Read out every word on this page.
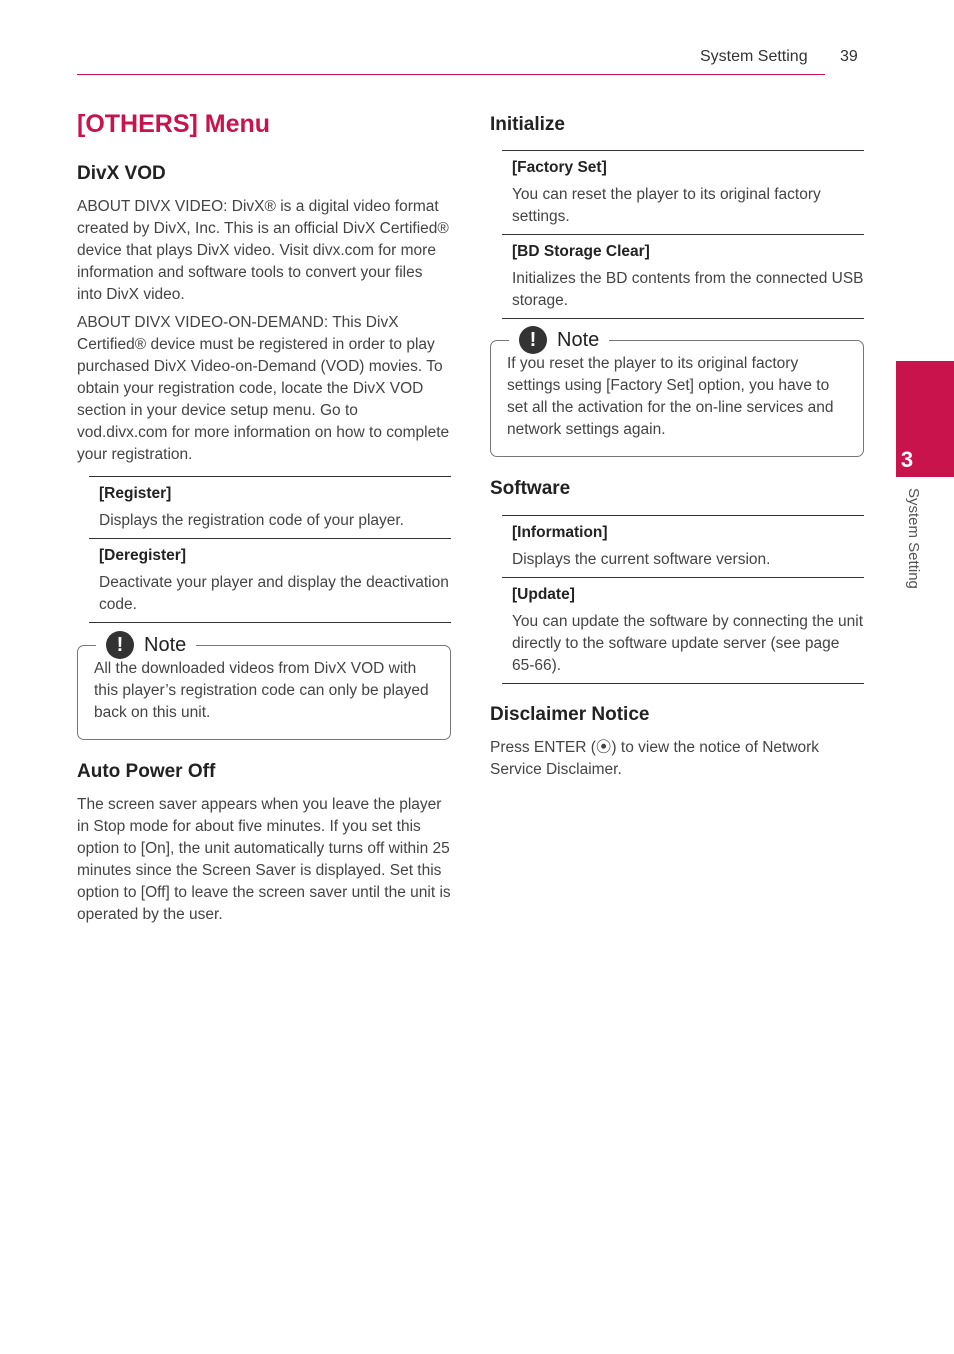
System Setting 39
[OTHERS] Menu
DivX VOD

ABOUT DIVX VIDEO: DivX® is a digital video format created by DivX, Inc. This is an official DivX Certified® device that plays DivX video. Visit divx.com for more information and software tools to convert your files into DivX video.

ABOUT DIVX VIDEO-ON-DEMAND: This DivX Certified® device must be registered in order to play purchased DivX Video-on-Demand (VOD) movies. To obtain your registration code, locate the DivX VOD section in your device setup menu. Go to vod.divx.com for more information on how to complete your registration.

[Register]
Displays the registration code of your player.
[Deregister]
Deactivate your player and display the deactivation code.
!	Note

All the downloaded videos from DivX VOD with this player’s registration code can only be played back on this unit.

Auto Power Off

The screen saver appears when you leave the player in Stop mode for about five minutes. If you set this option to [On], the unit automatically turns off within 25 minutes since the Screen Saver is displayed. Set this option to [Off] to leave the screen saver until the unit is operated by the user.

Initialize
[Factory Set]
You can reset the player to its original factory settings.
[BD Storage Clear]
Initializes the BD contents from the connected USB storage.
!	Note

If you reset the player to its original factory settings using [Factory Set] option, you have to set all the activation for the on-line services and network settings again.

Software
[Information]
Displays the current software version.
[Update]
You can update the software by connecting the unit directly to the software update server (see page 65-66).
Disclaimer Notice

Press ENTER (⦿) to view the notice of Network Service Disclaimer.

3
System Setting
